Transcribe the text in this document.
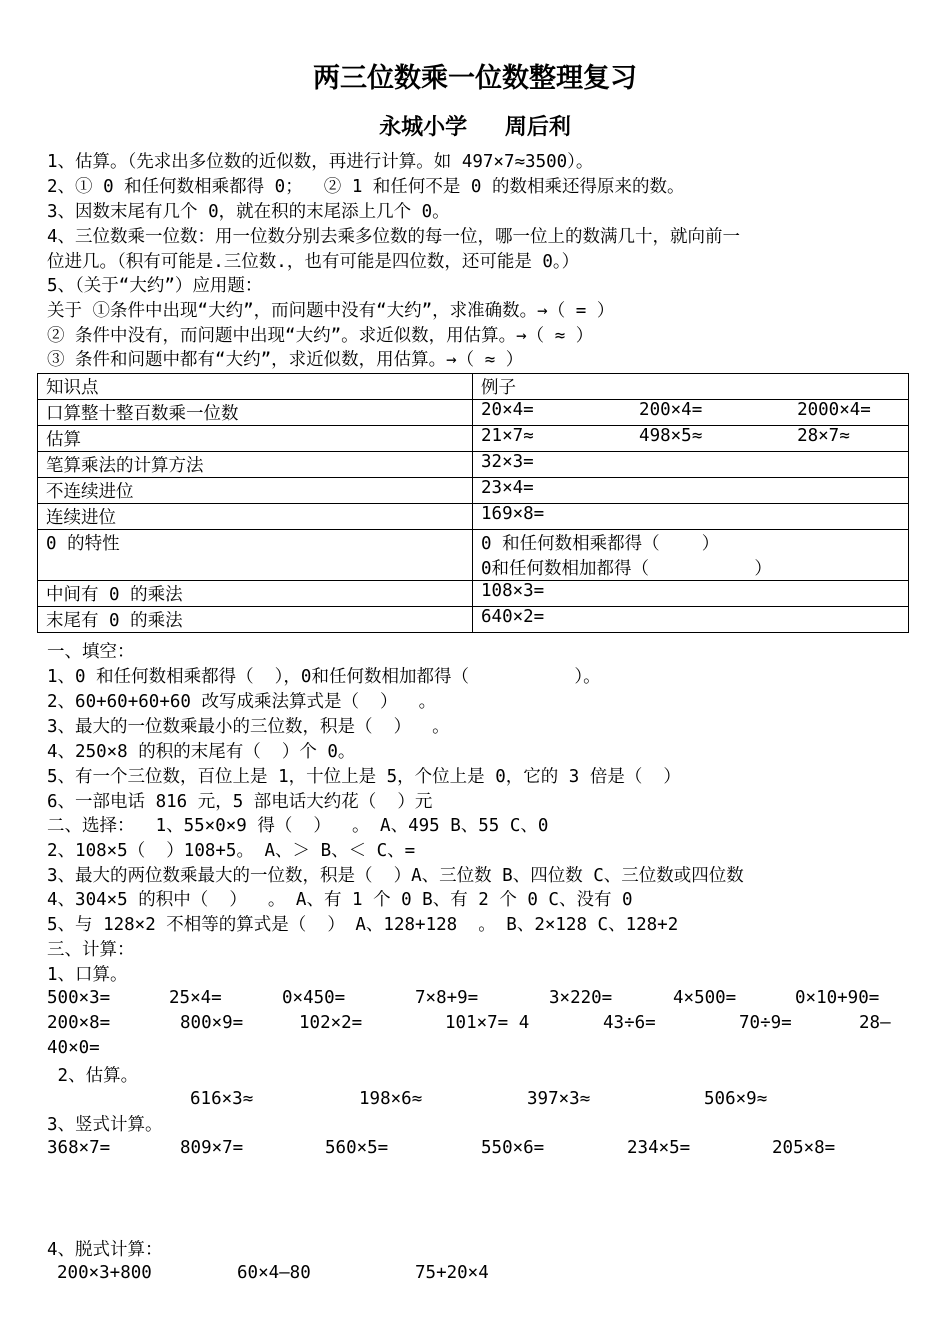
两三位数乘一位数整理复习
永城小学 周后利
1、估算。（先求出多位数的近似数，再进行计算。如 497×7≈3500）。
2、① 0 和任何数相乘都得 0；  ② 1 和任何不是 0 的数相乘还得原来的数。
3、因数末尾有几个 0，就在积的末尾添上几个 0。
4、三位数乘一位数：用一位数分别去乘多位数的每一位，哪一位上的数满几十，就向前一
位进几。（积有可能是.三位数.，也有可能是四位数，还可能是 0。）
5、（关于“大约”）应用题：
关于 ①条件中出现“大约”，而问题中没有“大约”，求准确数。→（ = ）
② 条件中没有，而问题中出现“大约”。求近似数，用估算。→（ ≈ ）
③ 条件和问题中都有“大约”，求近似数，用估算。→（ ≈ ）
知识点	例子
口算整十整百数乘一位数	20×4=          200×4=         2000×4=
估算	21×7≈          498×5≈         28×7≈
笔算乘法的计算方法	32×3=
不连续进位	23×4=
连续进位	169×8=
0 的特性	0 和任何数相乘都得（    ）
0和任何数相加都得（          ）

中间有 0 的乘法	108×3=
末尾有 0 的乘法	640×2=
一、填空：
1、0 和任何数相乘都得（  ），0和任何数相加都得（          ）。
2、60+60+60+60 改写成乘法算式是（  ）  。
3、最大的一位数乘最小的三位数，积是（  ）  。
4、250×8 的积的末尾有（  ）个 0。
5、有一个三位数，百位上是 1，十位上是 5，个位上是 0，它的 3 倍是（  ）
6、一部电话 816 元，5 部电话大约花（  ）元
二、选择：  1、55×0×9 得（  ）  。 A、495 B、55 C、0
2、108×5（  ）108+5。 A、＞ B、＜ C、=
3、最大的两位数乘最大的一位数，积是（  ）A、三位数 B、四位数 C、三位数或四位数
4、304×5 的积中（  ）  。 A、有 1 个 0 B、有 2 个 0 C、没有 0
5、与 128×2 不相等的算式是（  ） A、128+128  。 B、2×128 C、128+2
三、计算：
1、口算。
500×3=	25×4=	0×450=	7×8+9=	3×220=	4×500=	0×10+90=
200×8=	800×9=	102×2=	101×7= 4	43÷6=	70÷9=	28—
40×0=
2、估算。
616×3≈	198×6≈	397×3≈	506×9≈
3、竖式计算。
368×7=	809×7=	560×5=	550×6=	234×5=	205×8=
4、脱式计算：
200×3+800	60×4—80	75+20×4
